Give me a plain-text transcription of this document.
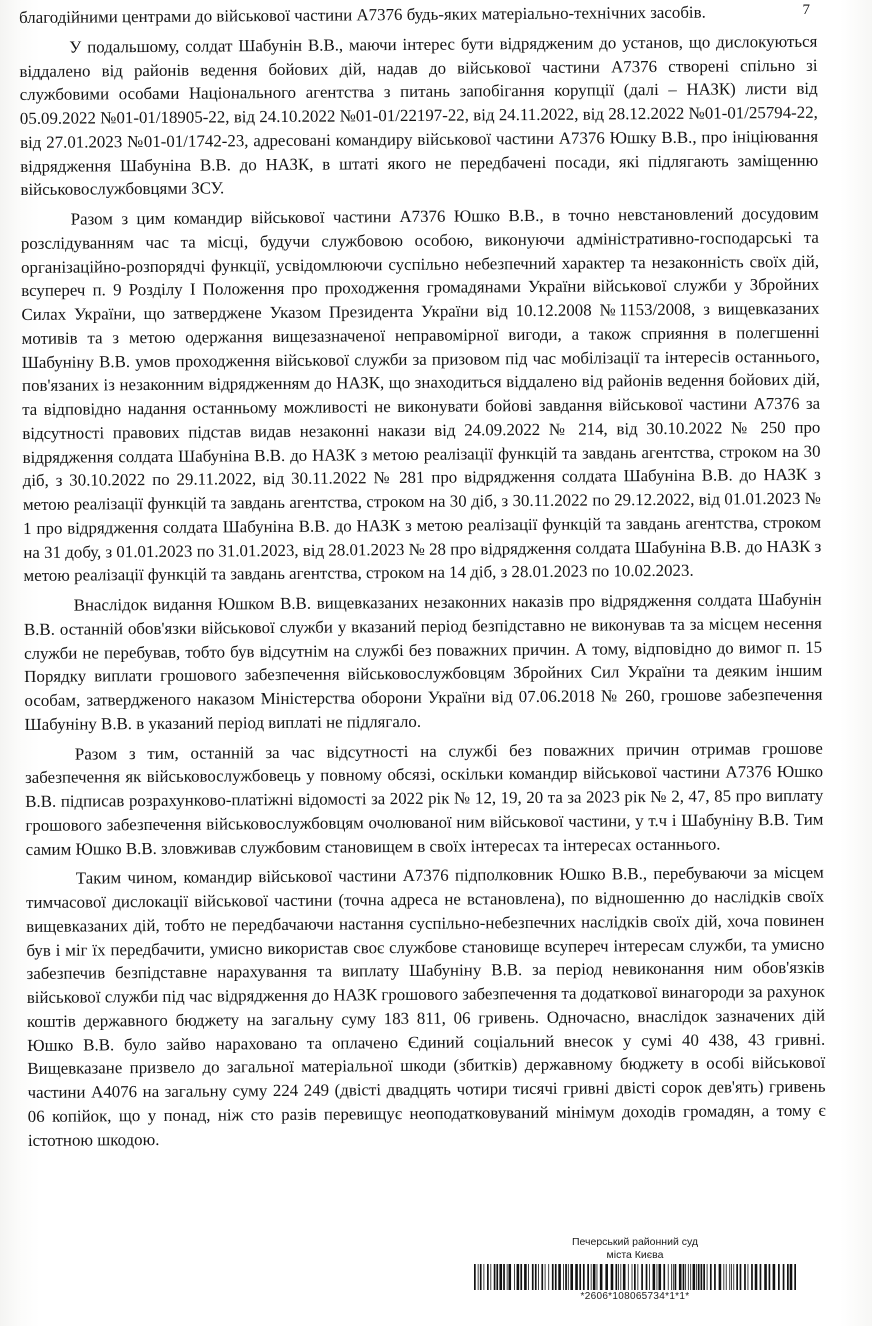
7

благодійними центрами до військової частини А7376 будь-яких матеріально-технічних засобів.

У подальшому, солдат Шабунін В.В., маючи інтерес бути відрядженим до установ, що дислокуються віддалено від районів ведення бойових дій, надав до військової частини А7376 створені спільно зі службовими особами Національного агентства з питань запобігання корупції (далі – НАЗК) листи від 05.09.2022 №01-01/18905-22, від 24.10.2022 №01-01/22197-22, від 24.11.2022, від 28.12.2022 №01-01/25794-22, від 27.01.2023 №01-01/1742-23, адресовані командиру військової частини А7376 Юшку В.В., про ініціювання відрядження Шабуніна В.В. до НАЗК, в штаті якого не передбачені посади, які підлягають заміщенню військовослужбовцями ЗСУ.

Разом з цим командир військової частини А7376 Юшко В.В., в точно невстановлений досудовим розслідуванням час та місці, будучи службовою особою, виконуючи адміністративно-господарські та організаційно-розпорядчі функції, усвідомлюючи суспільно небезпечний характер та незаконність своїх дій, всупереч п. 9 Розділу І Положення про проходження громадянами України військової служби у Збройних Силах України, що затверджене Указом Президента України від 10.12.2008 №1153/2008, з вищевказаних мотивів та з метою одержання вищезазначеної неправомірної вигоди, а також сприяння в полегшенні Шабуніну В.В. умов проходження військової служби за призовом під час мобілізації та інтересів останнього, пов'язаних із незаконним відрядженням до НАЗК, що знаходиться віддалено від районів ведення бойових дій, та відповідно надання останньому можливості не виконувати бойові завдання військової частини А7376 за відсутності правових підстав видав незаконні накази від 24.09.2022 № 214, від 30.10.2022 № 250 про відрядження солдата Шабуніна В.В. до НАЗК з метою реалізації функцій та завдань агентства, строком на 30 діб, з 30.10.2022 по 29.11.2022, від 30.11.2022 № 281 про відрядження солдата Шабуніна В.В. до НАЗК з метою реалізації функцій та завдань агентства, строком на 30 діб, з 30.11.2022 по 29.12.2022, від 01.01.2023 № 1 про відрядження солдата Шабуніна В.В. до НАЗК з метою реалізації функцій та завдань агентства, строком на 31 добу, з 01.01.2023 по 31.01.2023, від 28.01.2023 № 28 про відрядження солдата Шабуніна В.В. до НАЗК з метою реалізації функцій та завдань агентства, строком на 14 діб, з 28.01.2023 по 10.02.2023.

Внаслідок видання Юшком В.В. вищевказаних незаконних наказів про відрядження солдата Шабунін В.В. останній обов'язки військової служби у вказаний період безпідставно не виконував та за місцем несення служби не перебував, тобто був відсутнім на службі без поважних причин. А тому, відповідно до вимог п. 15 Порядку виплати грошового забезпечення військовослужбовцям Збройних Сил України та деяким іншим особам, затвердженого наказом Міністерства оборони України від 07.06.2018 № 260, грошове забезпечення Шабуніну В.В. в указаний період виплаті не підлягало.

Разом з тим, останній за час відсутності на службі без поважних причин отримав грошове забезпечення як військовослужбовець у повному обсязі, оскільки командир військової частини А7376 Юшко В.В. підписав розрахунково-платіжні відомості за 2022 рік № 12, 19, 20 та за 2023 рік № 2, 47, 85 про виплату грошового забезпечення військовослужбовцям очолюваної ним військової частини, у т.ч і Шабуніну В.В. Тим самим Юшко В.В. зловживав службовим становищем в своїх інтересах та інтересах останнього.

Таким чином, командир військової частини А7376 підполковник Юшко В.В., перебуваючи за місцем тимчасової дислокації військової частини (точна адреса не встановлена), по відношенню до наслідків своїх вищевказаних дій, тобто не передбачаючи настання суспільно-небезпечних наслідків своїх дій, хоча повинен був і міг їх передбачити, умисно використав своє службове становище всупереч інтересам служби, та умисно забезпечив безпідставне нарахування та виплату Шабуніну В.В. за період невиконання ним обов'язків військової служби під час відрядження до НАЗК грошового забезпечення та додаткової винагороди за рахунок коштів державного бюджету на загальну суму 183 811, 06 гривень. Одночасно, внаслідок зазначених дій Юшко В.В. було зайво нараховано та оплачено Єдиний соціальний внесок у сумі 40 438, 43 гривні. Вищевказане призвело до загальної матеріальної шкоди (збитків) державному бюджету в особі військової частини А4076 на загальну суму 224 249 (двісті двадцять чотири тисячі гривні двісті сорок дев'ять) гривень 06 копійок, що у понад, ніж сто разів перевищує неоподатковуваний мінімум доходів громадян, а тому є істотною шкодою.

Печерський районний суд
міста Києва
*2606*108065734*1*1*
